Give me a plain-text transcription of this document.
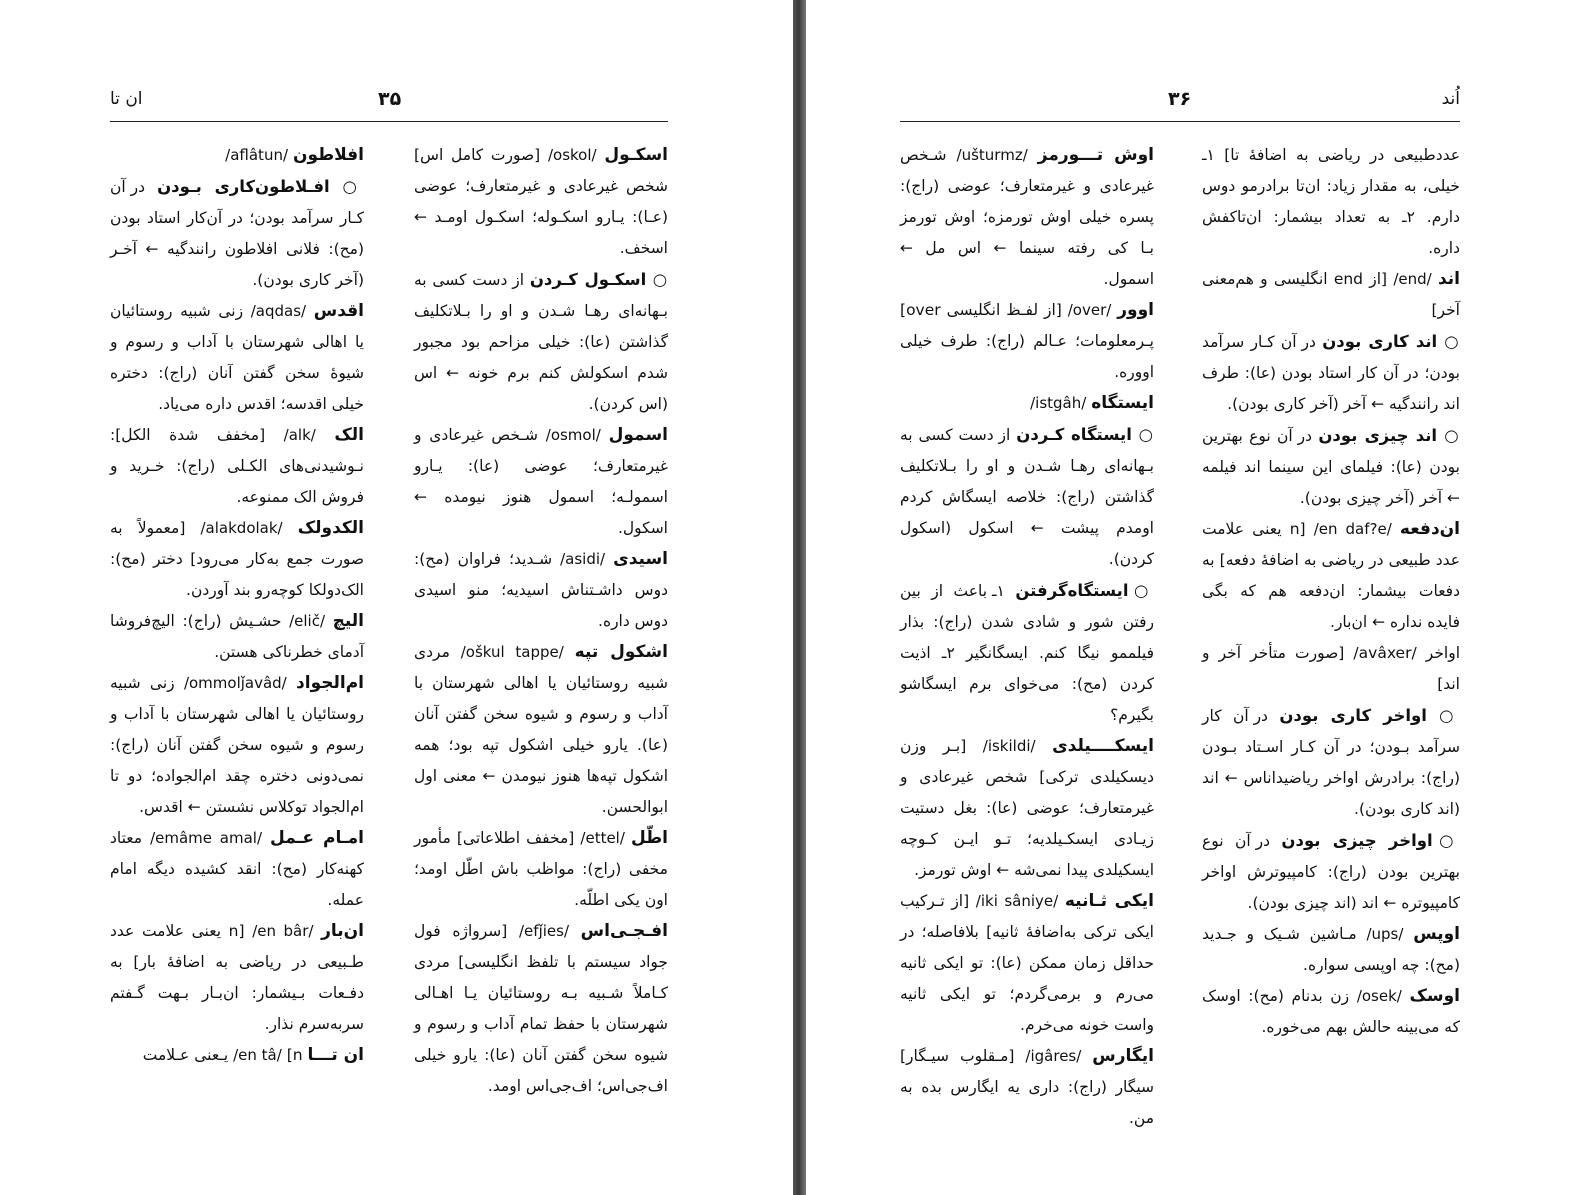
۳۵
ان تا

اسکـول /oskol/ [صورت کامل اس] شخص غیرعادی و غیرمتعارف؛ عوضی (عـا): یـارو اسکـوله؛ اسکـول اومـد ← اسخف.

○ اسکـول کـردن از دست کسی به بـهانه‌ای رهـا شـدن و او را بـلاتکلیف گذاشتن (عا): خیلی مزاحم بود مجبور شدم اسکولش کنم برم خونه ← اس (اس کردن).

اسمول /osmol/ شـخص غیرعادی و غیرمتعارف؛ عوضی (عا): یـارو اسمولـه؛ اسمول هنوز نیومده ← اسکول.

اسیدی /asidi/ شـدید؛ فراوان (مح): دوس داشـتناش اسیدیه؛ منو اسیدی دوس داره.

اشکول تپه /oškul tappe/ مردی شبیه روستائیان یا اهالی شهرستان با آداب و رسوم و شیوه سخن گفتن آنان (عا). یارو خیلی اشکول تپه بود؛ همه اشکول تپه‌ها هنوز نیومدن ← معنی اول ابوالحسن.

اطّل /ettel/ [مخفف اطلاعاتی] مأمور مخفی (راج): مواظب باش اطّل اومد؛ اون یکی اطلّه.

افـجـی‌اس /efǰies/ [سرواژه فول جواد سیستم با تلفظ انگلیسی] مردی کـاملاً شـبیه بـه روستائیان یـا اهـالی شهرستان با حفظ تمام آداب و رسوم و شیوه سخن گفتن آنان (عا): یارو خیلی اف‌جی‌اس؛ اف‌جی‌اس اومد.

افلاطون /aflâtun/

○ افـلاطون‌کاری بـودن در آن کـار سرآمد بودن؛ در آن‌کار استاد بودن (مح): فلانی افلاطون رانندگیه ← آخـر (آخر کاری بودن).

اقدس /aqdas/ زنی شبیه روستائیان یا اهالی شهرستان با آداب و رسوم و شیوهٔ سخن گفتن آنان (راج): دختره خیلی اقدسه؛ اقدس داره می‌یاد.

الک /alk/ [مخفف شدة الکل]: نـوشیدنی‌های الکـلی (راج): خـرید و فروش الک ممنوعه.

الکدولک /alakdolak/ [معمولاً به صورت جمع به‌کار می‌رود] دختر (مح): الک‌دولکا کوچه‌رو بند آوردن.

الیچ /elič/ حشـیش (راج): الیچ‌فروشا آدمای خطرناکی هستن.

ام‌الجواد /ommolǰavâd/ زنی شبیه روستائیان یا اهالی شهرستان با آداب و رسوم و شیوه سخن گفتن آنان (راج): نمی‌دونی دختره چقد ام‌الجواده؛ دو تا ام‌الجواد توکلاس نشستن ← اقدس.

امـام عـمل /emâme amal/ معتاد کهنه‌کار (مح): انقد کشیده دیگه امام عمله.

ان‌بار /en bâr/ [n یعنی علامت عدد طـبیعی در ریاضی به اضافهٔ بار] به دفـعات بـیشمار: ان‌بـار بـهت گـفتم سربه‌سرم نذار.

ان تـــا /en tâ/ [n یـعنی عـلامت

اُند
۳۶

عددطبیعی در ریاضی به اضافهٔ تا] ۱ـ خیلی، به مقدار زیاد: ان‌تا برادرمو دوس دارم. ۲ـ به تعداد بیشمار: ان‌تاکفش داره.

اند /end/ [از end انگلیسی و هم‌معنی آخر]

○ اند کاری بودن در آن کـار سرآمد بودن؛ در آن کار استاد بودن (عا): طرف اند رانندگیه ← آخر (آخر کاری بودن).

○ اند چیزی بودن در آن نوع بهترین بودن (عا): فیلمای این سینما اند فیلمه ← آخر (آخر چیزی بودن).

ان‌دفعه /en daf?e/ [n یعنی علامت عدد طبیعی در ریاضی به اضافهٔ دفعه] به دفعات بیشمار: ان‌دفعه هم که بگی فایده نداره ← ان‌بار.

اواخر /avâxer/ [صورت متأخر آخر و اند]

○ اواخر کاری بودن در آن کار سرآمد بـودن؛ در آن کـار اسـتاد بـودن (راج): برادرش اواخر ریاضیداناس ← اند (اند کاری بودن).

○اواخر چیزی بودن در آن نوع بهترین بودن (راج): کامپیوترش اواخر کامپیوتره ← اند (اند چیزی بودن).

اوپس /ups/ مـاشین شـیک و جـدید (مح): چه اوپسی سواره.

اوسک /osek/ زن بدنام (مح): اوسک که می‌بینه حالش بهم می‌خوره.

اوش تـــورمز /ušturmz/ شـخص غیرعادی و غیرمتعارف؛ عوضی (راج): پسره خیلی اوش تورمزه؛ اوش تورمز بـا کی رفته سینما ← اس مل ← اسمول.

اوور /over/ [از لفـظ انگلیسی over] پـرمعلومات؛ عـالم (راج): طرف خیلی اووره.

ایستگاه /istgâh/

○ ایستگاه کـردن از دست کسی به بـهانه‌ای رهـا شـدن و او را بـلاتکلیف گذاشتن (راج): خلاصه ایسگاش کردم اومدم پیشت ← اسکول (اسکول کردن).

○ایستگاه‌گرفتن ۱ـ باعث از بین رفتن شور و شادی شدن (راج): بذار فیلممو نیگا کنم. ایسگانگیر ۲ـ اذیت کردن (مح): می‌خوای برم ایسگاشو بگیرم؟

ایسکــــیلدی /iskildi/ [بـر وزن دیسکیلدی ترکی] شخص غیرعادی و غیرمتعارف؛ عوضی (عا): بغل دستیت زیـادی ایسکـیلدیه؛ تـو ایـن کـوچه ایسکیلدی پیدا نمی‌شه ← اوش تورمز.

ایکی ثـانیه /iki sâniye/ [از تـرکیب ایکی ترکی به‌اضافهٔ ثانیه] بلافاصله؛ در حداقل زمان ممکن (عا): تو ایکی ثانیه می‌رم و برمی‌گردم؛ تو ایکی ثانیه واست خونه می‌خرم.

ایگارس /igâres/ [مـقلوب سیـگار] سیگار (راج): داری یه ایگارس بده به من.
